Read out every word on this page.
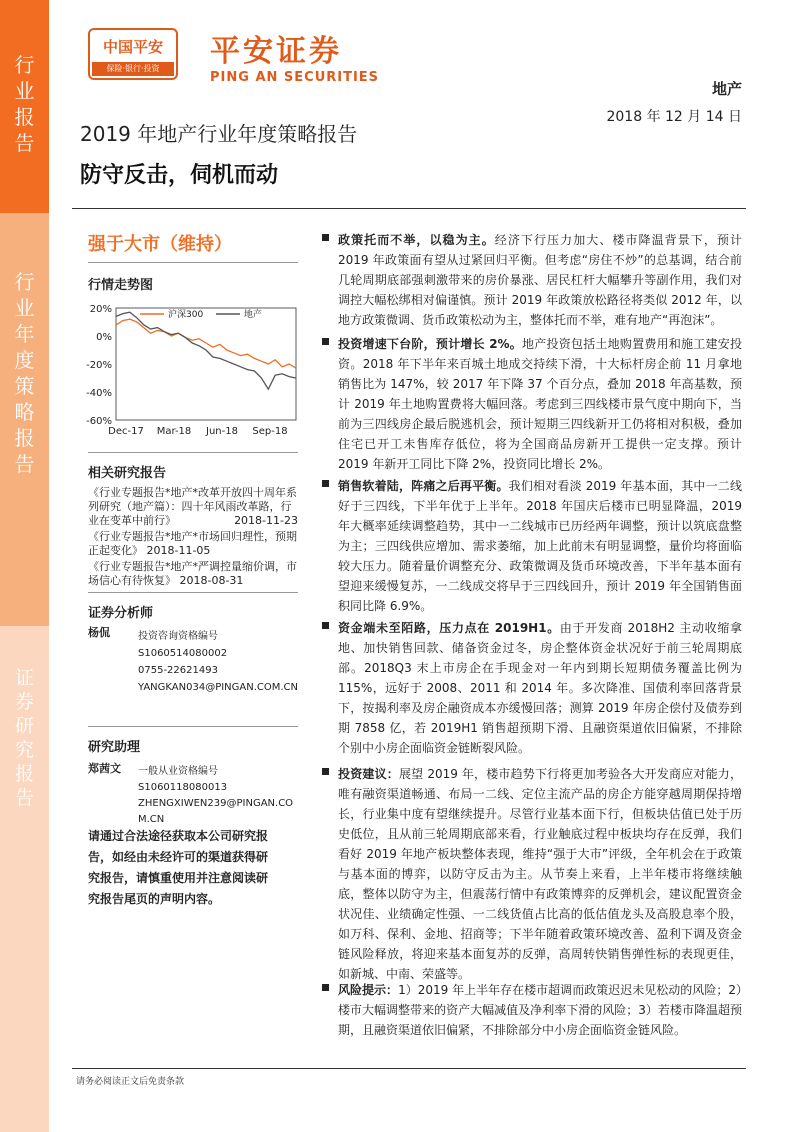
行
业
报
告
行
业
年
度
策
略
报
告
证
券
研
究
报
告
中国平安
保险·银行·投资	平安证券
PING AN SECURITIES
地产
2018 年 12 月 14 日
2019 年地产行业年度策略报告
防守反击，伺机而动
强于大市（维持）
行情走势图
20%
0%
-20%
-40%
-60%
Dec-17 Mar-18 Jun-18 Sep-18
沪深300	地产
相关研究报告
《行业专题报告*地产*改革开放四十周年系列研究（地产篇）：四十年风雨改革路，行业在变革中前行》	2018-11-23
《行业专题报告*地产*市场回归理性，预期正起变化》 2018-11-05
《行业专题报告*地产*严调控量缩价调，市场信心有待恢复》 2018-08-31
证券分析师
杨侃	投资咨询资格编号
S1060514080002
0755-22621493
YANGKAN034@PINGAN.COM.CN
研究助理
郑茜文 一般从业资格编号
S1060118080013
ZHENGXIWEN239@PINGAN.COM.CN
请通过合法途径获取本公司研究报告，如经由未经许可的渠道获得研究报告，请慎重使用并注意阅读研究报告尾页的声明内容。
政策托而不举，以稳为主。经济下行压力加大、楼市降温背景下，预计 2019 年政策面有望从过紧回归平衡。但考虑“房住不炒”的总基调，结合前几轮周期底部强刺激带来的房价暴涨、居民杠杆大幅攀升等副作用，我们对调控大幅松绑相对偏谨慎。预计 2019 年政策放松路径将类似 2012 年，以地方政策微调、货币政策松动为主，整体托而不举，难有地产“再泡沫”。
投资增速下台阶，预计增长 2%。地产投资包括土地购置费用和施工建安投资。2018 年下半年来百城土地成交持续下滑，十大标杆房企前 11 月拿地销售比为 147%，较 2017 年下降 37 个百分点，叠加 2018 年高基数，预计 2019 年土地购置费将大幅回落。考虑到三四线楼市景气度中期向下，当前为三四线房企最后脱逃机会，预计短期三四线新开工仍将相对积极，叠加住宅已开工未售库存低位，将为全国商品房新开工提供一定支撑。预计 2019 年新开工同比下降 2%，投资同比增长 2%。
销售软着陆，阵痛之后再平衡。我们相对看淡 2019 年基本面，其中一二线好于三四线，下半年优于上半年。2018 年国庆后楼市已明显降温，2019 年大概率延续调整趋势，其中一二线城市已历经两年调整，预计以筑底盘整为主；三四线供应增加、需求萎缩，加上此前未有明显调整，量价均将面临较大压力。随着量价调整充分、政策微调及货币环境改善，下半年基本面有望迎来缓慢复苏，一二线成交将早于三四线回升，预计 2019 年全国销售面积同比降 6.9%。
资金端未至陌路，压力点在 2019H1。由于开发商 2018H2 主动收缩拿地、加快销售回款、储备资金过冬，房企整体资金状况好于前三轮周期底部。2018Q3 末上市房企在手现金对一年内到期长短期债务覆盖比例为 115%，远好于 2008、2011 和 2014 年。多次降准、国债利率回落背景下，按揭利率及房企融资成本亦缓慢回落；测算 2019 年房企偿付及债券到期 7858 亿，若 2019H1 销售超预期下滑、且融资渠道依旧偏紧，不排除个别中小房企面临资金链断裂风险。
投资建议：展望 2019 年，楼市趋势下行将更加考验各大开发商应对能力，唯有融资渠道畅通、布局一二线、定位主流产品的房企方能穿越周期保持增长，行业集中度有望继续提升。尽管行业基本面下行，但板块估值已处于历史低位，且从前三轮周期底部来看，行业触底过程中板块均存在反弹，我们看好 2019 年地产板块整体表现，维持“强于大市”评级，全年机会在于政策与基本面的博弈，以防守反击为主。从节奏上来看，上半年楼市将继续触底，整体以防守为主，但震荡行情中有政策博弈的反弹机会，建议配置资金状况佳、业绩确定性强、一二线货值占比高的低估值龙头及高股息率个股，如万科、保利、金地、招商等；下半年随着政策环境改善、盈利下调及资金链风险释放，将迎来基本面复苏的反弹，高周转快销售弹性标的表现更佳，如新城、中南、荣盛等。
风险提示：1）2019 年上半年存在楼市超调而政策迟迟未见松动的风险；2）楼市大幅调整带来的资产大幅减值及净利率下滑的风险；3）若楼市降温超预期，且融资渠道依旧偏紧，不排除部分中小房企面临资金链风险。
请务必阅读正文后免责条款
